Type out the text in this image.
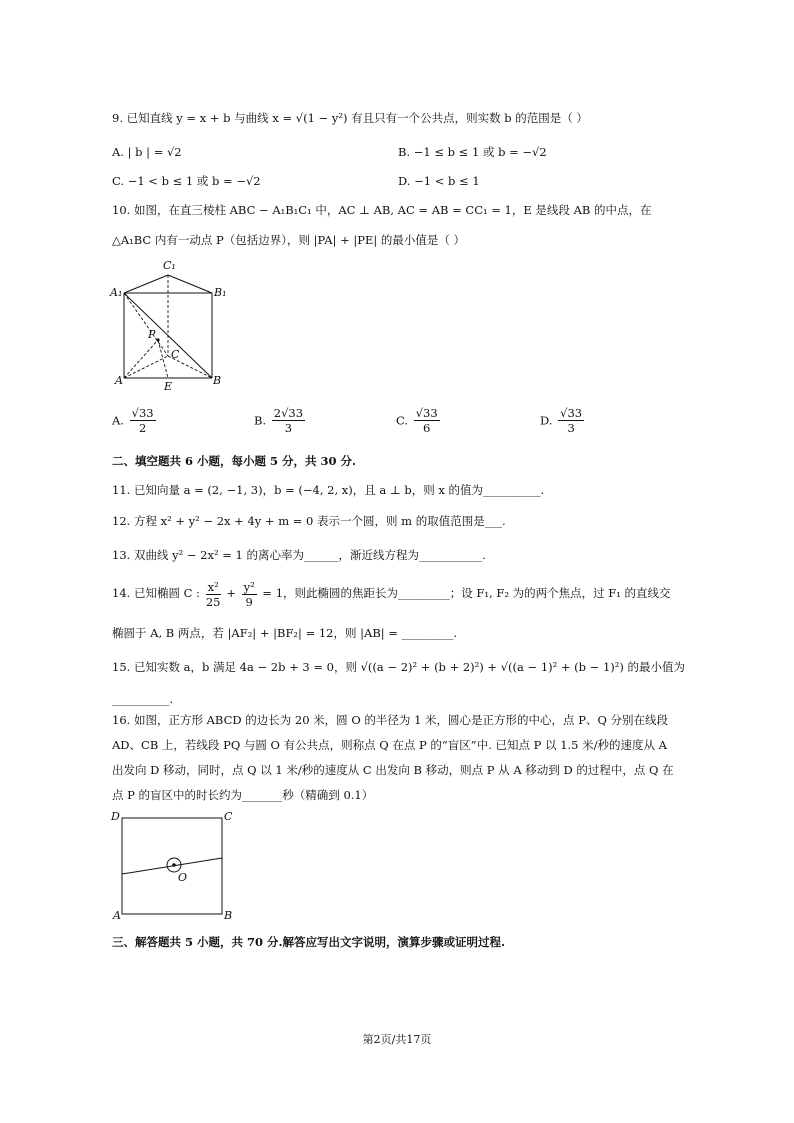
9. 已知直线 y = x + b 与曲线 x = √(1 − y²) 有且只有一个公共点，则实数 b 的范围是（ ）
A. | b | = √2	B. −1 ≤ b ≤ 1 或 b = −√2
C. −1 < b ≤ 1 或 b = −√2	D. −1 < b ≤ 1
10. 如图，在直三棱柱 ABC − A₁B₁C₁ 中，AC ⊥ AB, AC = AB = CC₁ = 1，E 是线段 AB 的中点，在
△A₁BC 内有一动点 P（包括边界），则 |PA| + |PE| 的最小值是（ ）
C₁
A₁	B₁
P
C
A	E	B
A. $\frac{√33}{2}$	B. $\frac{2√33}{3}$	C. $\frac{√33}{6}$	D. $\frac{√33}{3}$
二、填空题共 6 小题，每小题 5 分，共 30 分.
11. 已知向量 a = (2, −1, 3)，b = (−4, 2, x)，且 a ⊥ b，则 x 的值为__________.
12. 方程 x² + y² − 2x + 4y + m = 0 表示一个圆，则 m 的取值范围是___.
13. 双曲线 y² − 2x² = 1 的离心率为______，渐近线方程为___________.
14. 已知椭圆 C : $\frac{\text{x²}}{25} + \frac{\text{y²}}{9} = 1$，则此椭圆的焦距长为_________；设 F₁, F₂ 为的两个焦点，过 F₁ 的直线交
椭圆于 A, B 两点，若 |AF₂| + |BF₂| = 12，则 |AB| = _________.
15. 已知实数 a，b 满足 4a − 2b + 3 = 0，则 √((a − 2)² + (b + 2)²) + √((a − 1)² + (b − 1)²) 的最小值为
__________.
16. 如图，正方形 ABCD 的边长为 20 米，圆 O 的半径为 1 米，圆心是正方形的中心，点 P、Q 分别在线段
AD、CB 上，若线段 PQ 与圆 O 有公共点，则称点 Q 在点 P 的“盲区”中. 已知点 P 以 1.5 米/秒的速度从 A
出发向 D 移动，同时，点 Q 以 1 米/秒的速度从 C 出发向 B 移动，则点 P 从 A 移动到 D 的过程中，点 Q 在
点 P 的盲区中的时长约为_______秒（精确到 0.1）
D	C
O
A	B
三、解答题共 5 小题，共 70 分.解答应写出文字说明，演算步骤或证明过程.
第2页/共17页
